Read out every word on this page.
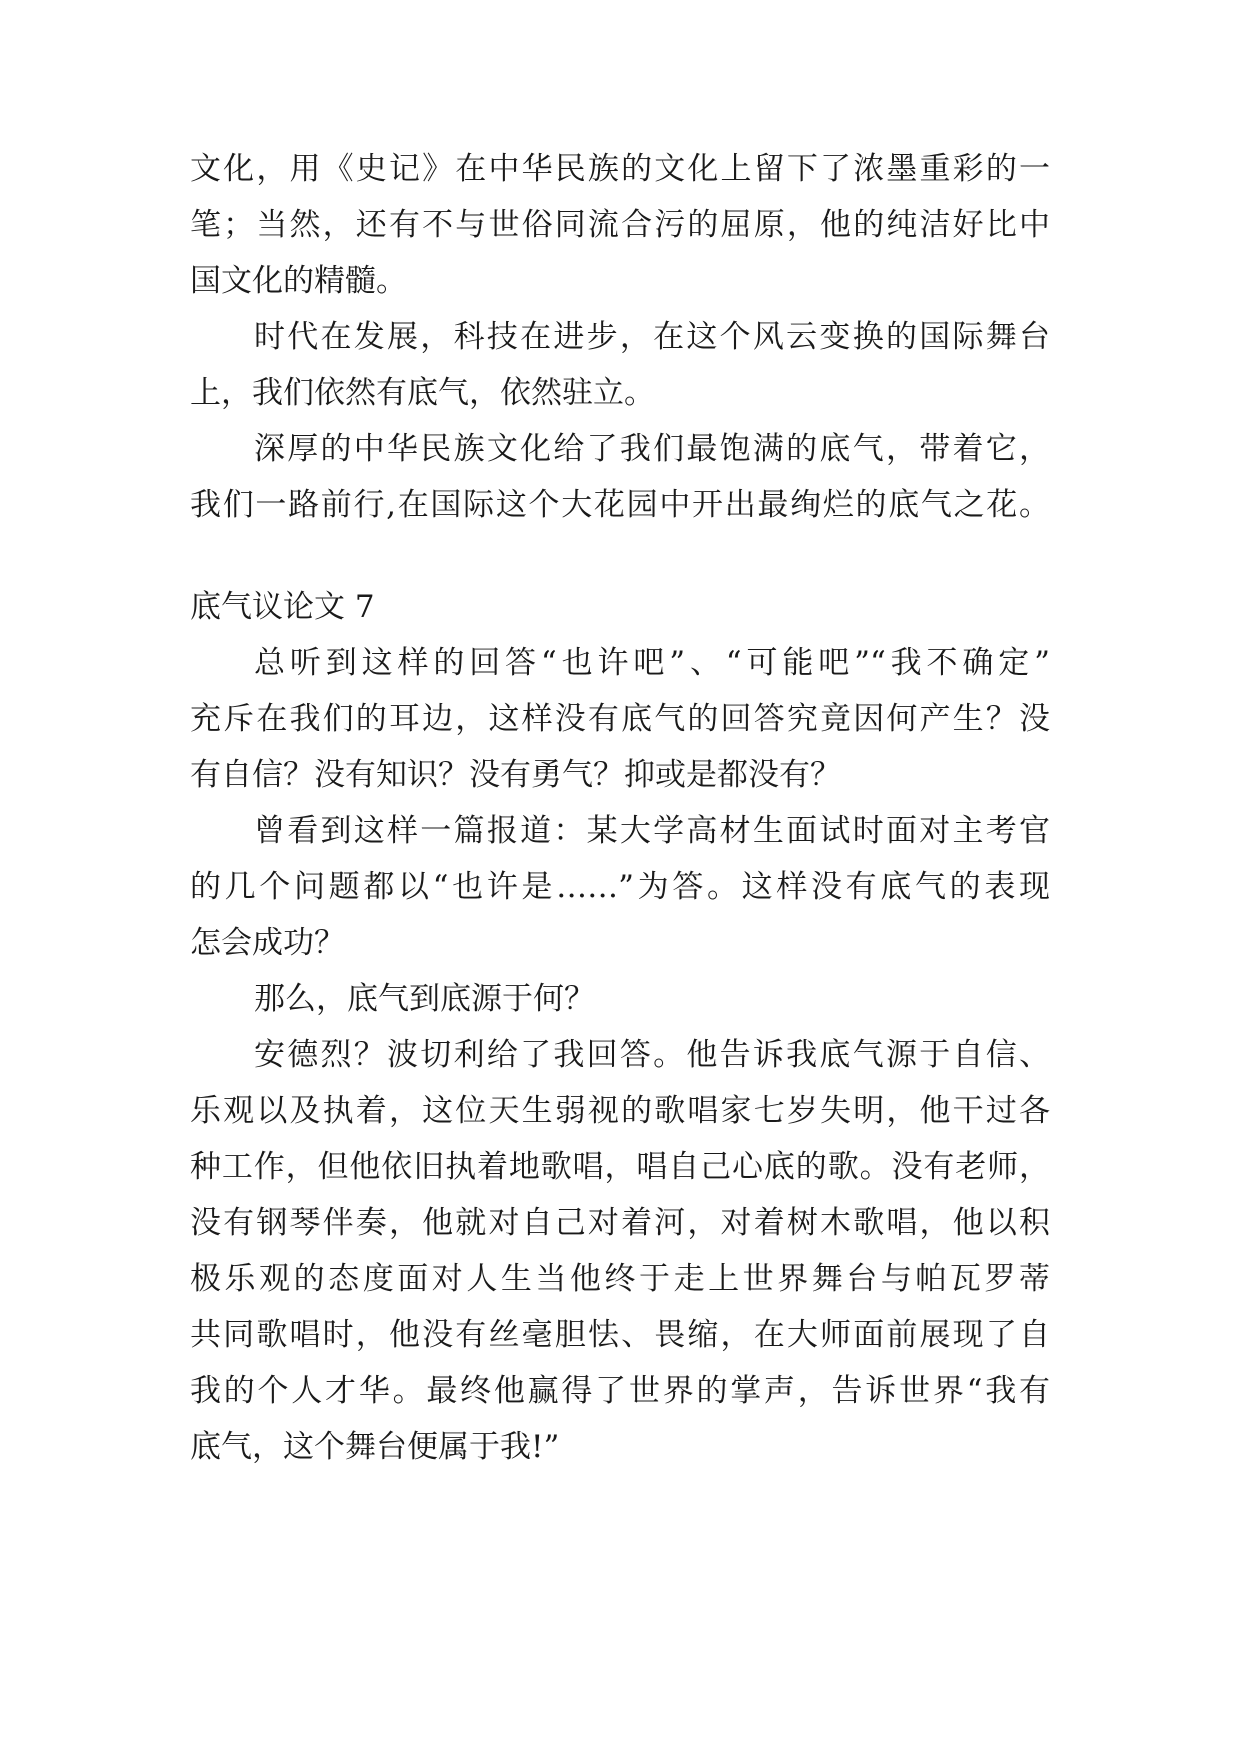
文化，用《史记》在中华民族的文化上留下了浓墨重彩的一
笔；当然，还有不与世俗同流合污的屈原，他的纯洁好比中
国文化的精髓。
时代在发展，科技在进步，在这个风云变换的国际舞台
上，我们依然有底气，依然驻立。
深厚的中华民族文化给了我们最饱满的底气，带着它，
我们一路前行,在国际这个大花园中开出最绚烂的底气之花。
底气议论文 7
总听到这样的回答“也许吧”、“可能吧”“我不确定”
充斥在我们的耳边，这样没有底气的回答究竟因何产生？没
有自信？没有知识？没有勇气？抑或是都没有？
曾看到这样一篇报道：某大学高材生面试时面对主考官
的几个问题都以“也许是……”为答。这样没有底气的表现
怎会成功？
那么，底气到底源于何？
安德烈？波切利给了我回答。他告诉我底气源于自信、
乐观以及执着，这位天生弱视的歌唱家七岁失明，他干过各
种工作，但他依旧执着地歌唱，唱自己心底的歌。没有老师，
没有钢琴伴奏，他就对自己对着河，对着树木歌唱，他以积
极乐观的态度面对人生当他终于走上世界舞台与帕瓦罗蒂
共同歌唱时，他没有丝毫胆怯、畏缩，在大师面前展现了自
我的个人才华。最终他赢得了世界的掌声，告诉世界“我有
底气，这个舞台便属于我!”
